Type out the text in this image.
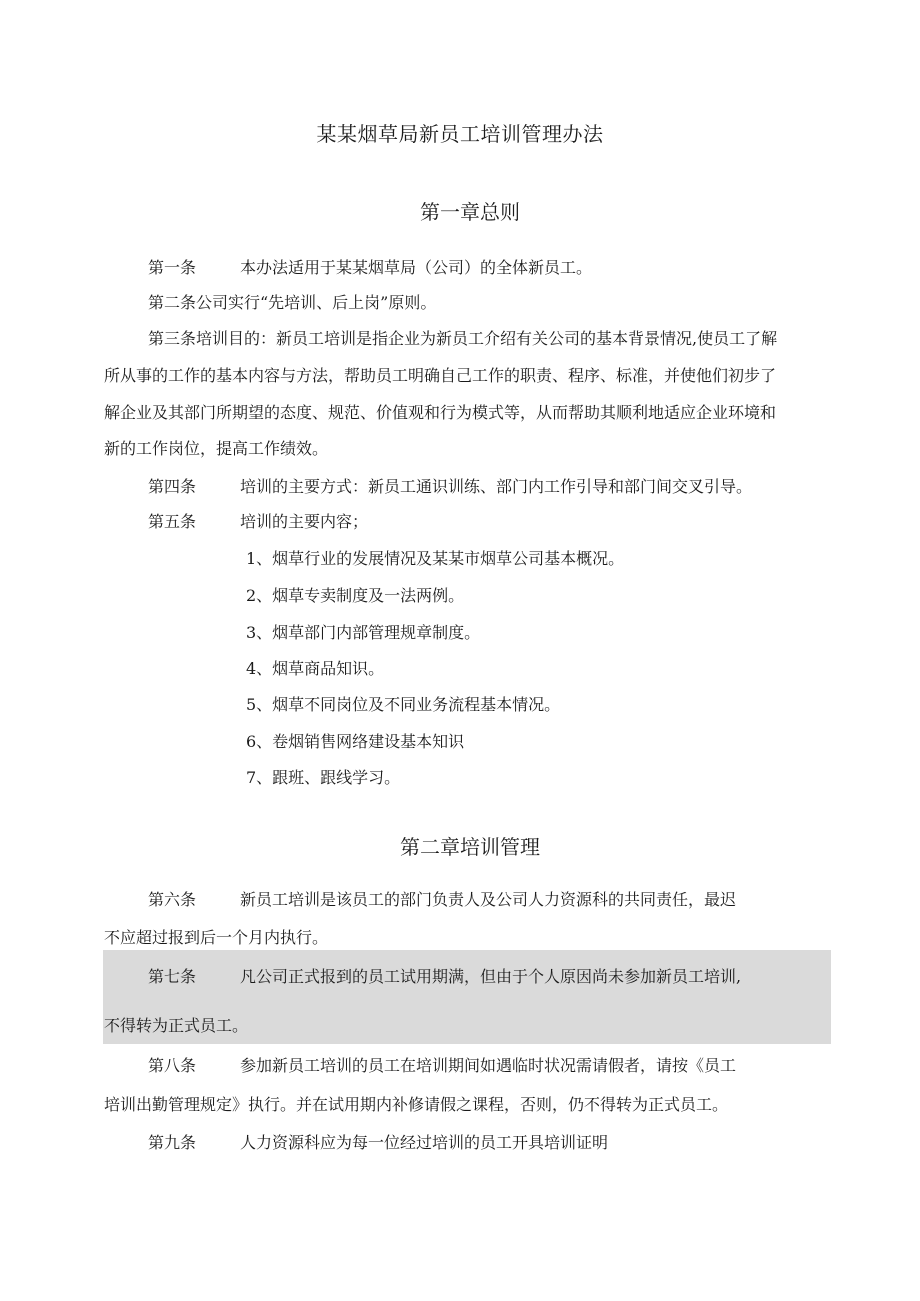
某某烟草局新员工培训管理办法
第一章总则
第一条	本办法适用于某某烟草局（公司）的全体新员工。
第二条公司实行“先培训、后上岗”原则。
第三条培训目的：新员工培训是指企业为新员工介绍有关公司的基本背景情况,使员工了解
所从事的工作的基本内容与方法，帮助员工明确自己工作的职责、程序、标准，并使他们初步了
解企业及其部门所期望的态度、规范、价值观和行为模式等，从而帮助其顺利地适应企业环境和
新的工作岗位，提高工作绩效。
第四条	培训的主要方式：新员工通识训练、部门内工作引导和部门间交叉引导。
第五条	培训的主要内容；
1、烟草行业的发展情况及某某市烟草公司基本概况。
2、烟草专卖制度及一法两例。
3、烟草部门内部管理规章制度。
4、烟草商品知识。
5、烟草不同岗位及不同业务流程基本情况。
6、卷烟销售网络建设基本知识
7、跟班、跟线学习。
第二章培训管理
第六条	新员工培训是该员工的部门负责人及公司人力资源科的共同责任，最迟
不应超过报到后一个月内执行。
第七条	凡公司正式报到的员工试用期满，但由于个人原因尚未参加新员工培训,
不得转为正式员工。
第八条	参加新员工培训的员工在培训期间如遇临时状况需请假者，请按《员工
培训出勤管理规定》执行。并在试用期内补修请假之课程，否则，仍不得转为正式员工。
第九条	人力资源科应为每一位经过培训的员工开具培训证明
